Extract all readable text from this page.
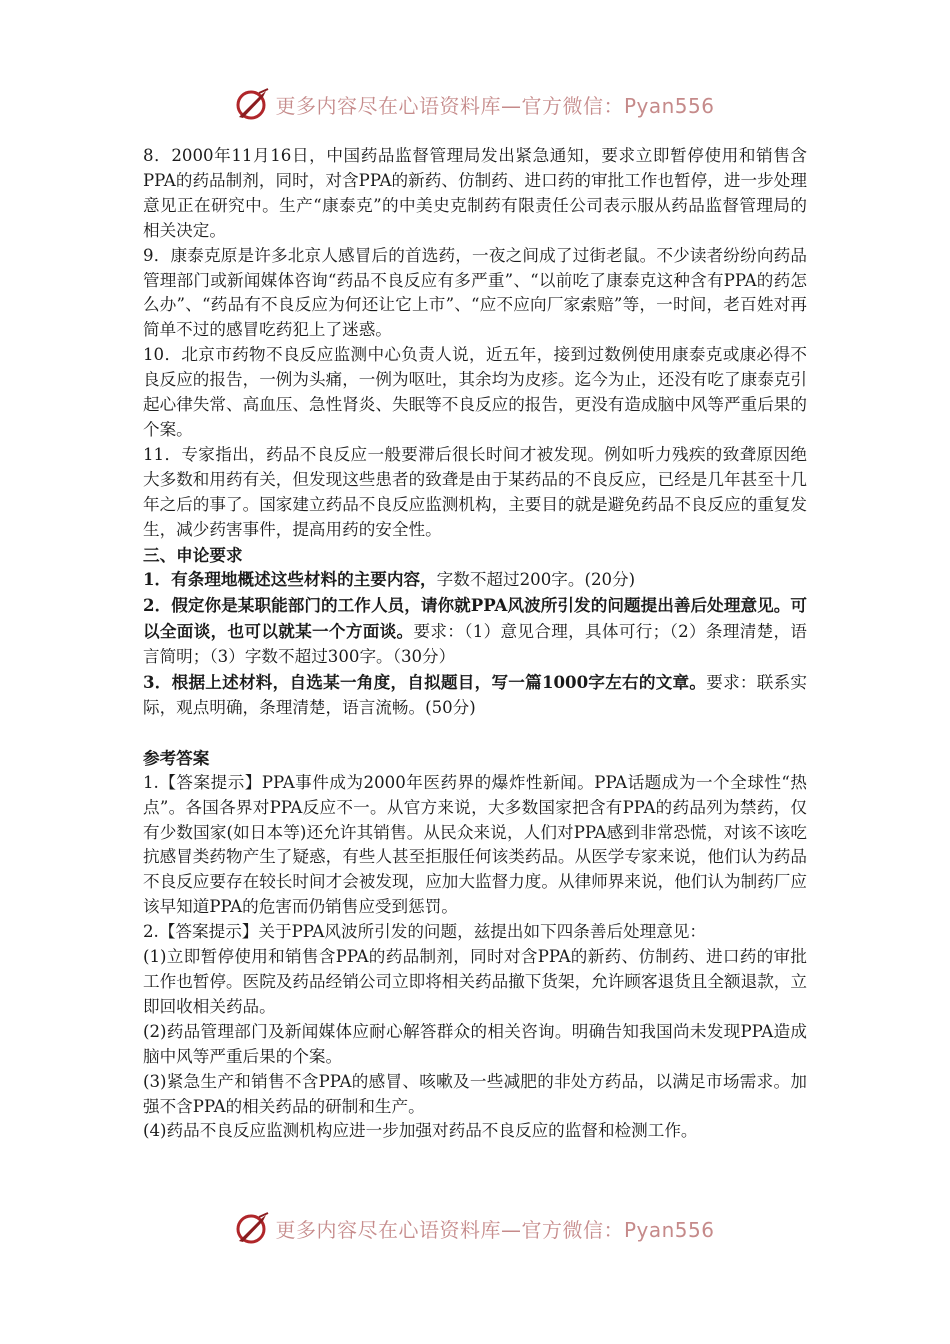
更多内容尽在心语资料库—官方微信：Pyan556

8．2000年11月16日，中国药品监督管理局发出紧急通知，要求立即暂停使用和销售含PPA的药品制剂，同时，对含PPA的新药、仿制药、进口药的审批工作也暂停，进一步处理意见正在研究中。生产“康泰克”的中美史克制药有限责任公司表示服从药品监督管理局的相关决定。

9．康泰克原是许多北京人感冒后的首选药，一夜之间成了过街老鼠。不少读者纷纷向药品管理部门或新闻媒体咨询“药品不良反应有多严重”、“以前吃了康泰克这种含有PPA的药怎么办”、“药品有不良反应为何还让它上市”、“应不应向厂家索赔”等，一时间，老百姓对再简单不过的感冒吃药犯上了迷惑。

10．北京市药物不良反应监测中心负责人说，近五年，接到过数例使用康泰克或康必得不良反应的报告，一例为头痛，一例为呕吐，其余均为皮疹。迄今为止，还没有吃了康泰克引起心律失常、高血压、急性肾炎、失眠等不良反应的报告，更没有造成脑中风等严重后果的个案。

11．专家指出，药品不良反应一般要滞后很长时间才被发现。例如听力残疾的致聋原因绝大多数和用药有关，但发现这些患者的致聋是由于某药品的不良反应，已经是几年甚至十几年之后的事了。国家建立药品不良反应监测机构，主要目的就是避免药品不良反应的重复发生，减少药害事件，提高用药的安全性。

三、申论要求

1．有条理地概述这些材料的主要内容，字数不超过200字。(20分)

2．假定你是某职能部门的工作人员，请你就PPA风波所引发的问题提出善后处理意见。可以全面谈，也可以就某一个方面谈。要求：（1）意见合理，具体可行；（2）条理清楚，语言简明；（3）字数不超过300字。（30分）

3．根据上述材料，自选某一角度，自拟题目，写一篇1000字左右的文章。要求：联系实际，观点明确，条理清楚，语言流畅。(50分)

参考答案

1.【答案提示】PPA事件成为2000年医药界的爆炸性新闻。PPA话题成为一个全球性“热点”。各国各界对PPA反应不一。从官方来说，大多数国家把含有PPA的药品列为禁药，仅有少数国家(如日本等)还允许其销售。从民众来说，人们对PPA感到非常恐慌，对该不该吃抗感冒类药物产生了疑惑，有些人甚至拒服任何该类药品。从医学专家来说，他们认为药品不良反应要存在较长时间才会被发现，应加大监督力度。从律师界来说，他们认为制药厂应该早知道PPA的危害而仍销售应受到惩罚。

2.【答案提示】关于PPA风波所引发的问题，兹提出如下四条善后处理意见：

(1)立即暂停使用和销售含PPA的药品制剂，同时对含PPA的新药、仿制药、进口药的审批工作也暂停。医院及药品经销公司立即将相关药品撤下货架，允许顾客退货且全额退款，立即回收相关药品。

(2)药品管理部门及新闻媒体应耐心解答群众的相关咨询。明确告知我国尚未发现PPA造成脑中风等严重后果的个案。

(3)紧急生产和销售不含PPA的感冒、咳嗽及一些减肥的非处方药品，以满足市场需求。加强不含PPA的相关药品的研制和生产。

(4)药品不良反应监测机构应进一步加强对药品不良反应的监督和检测工作。

更多内容尽在心语资料库—官方微信：Pyan556
